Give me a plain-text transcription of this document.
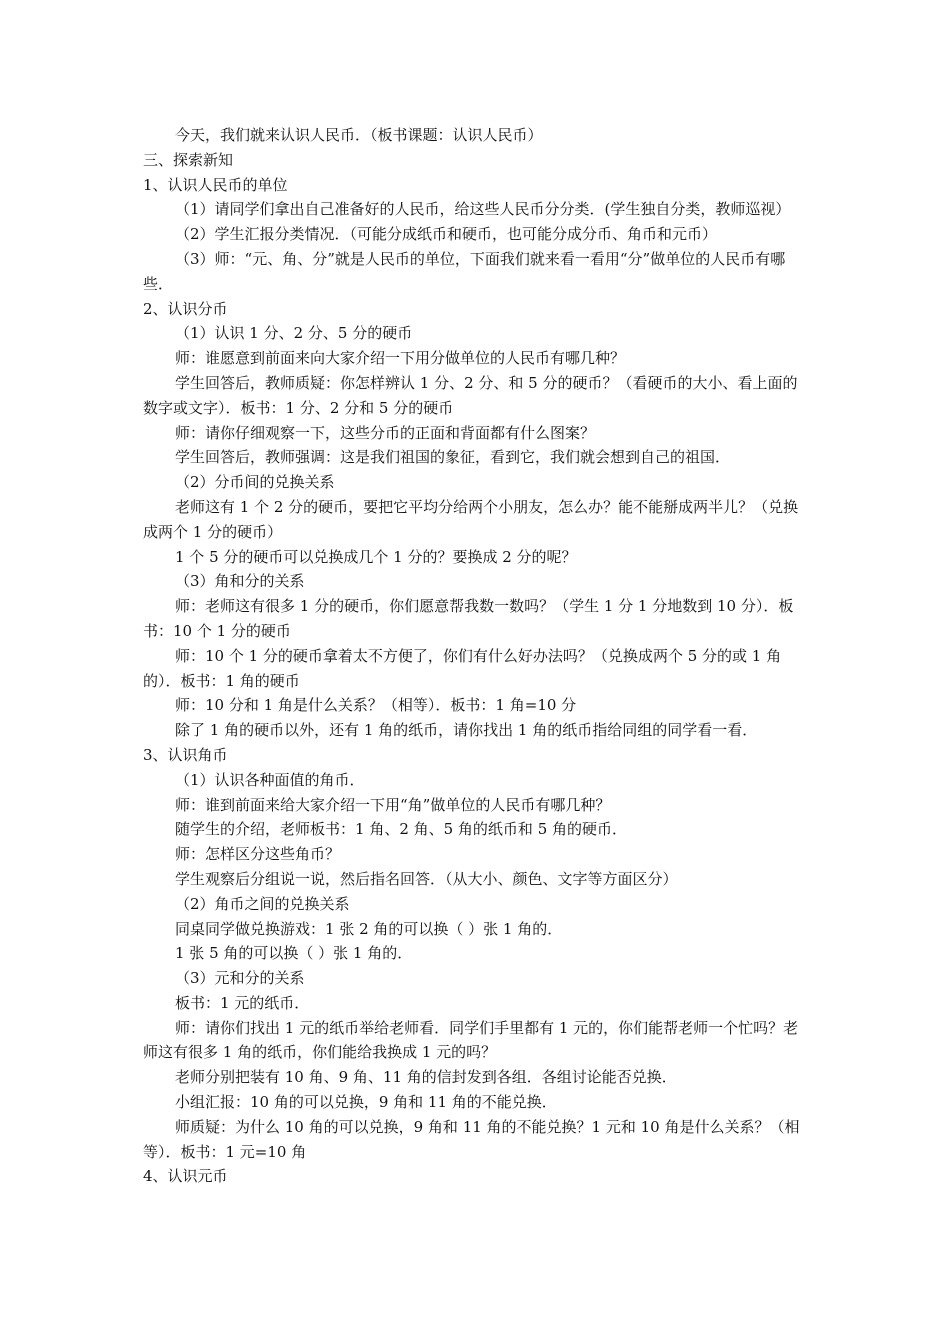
今天，我们就来认识人民币．（板书课题：认识人民币）

三、探索新知

1、认识人民币的单位

（1）请同学们拿出自己准备好的人民币，给这些人民币分分类．(学生独自分类，教师巡视）

（2）学生汇报分类情况．（可能分成纸币和硬币，也可能分成分币、角币和元币）

（3）师：“元、角、分”就是人民币的单位，下面我们就来看一看用“分”做单位的人民币有哪些．

2、认识分币

（1）认识 1 分、2 分、5 分的硬币

师：谁愿意到前面来向大家介绍一下用分做单位的人民币有哪几种？

学生回答后，教师质疑：你怎样辨认 1 分、2 分、和 5 分的硬币？（看硬币的大小、看上面的数字或文字）．板书：1 分、2 分和 5 分的硬币

师：请你仔细观察一下，这些分币的正面和背面都有什么图案？

学生回答后，教师强调：这是我们祖国的象征，看到它，我们就会想到自己的祖国．

（2）分币间的兑换关系

老师这有 1 个 2 分的硬币，要把它平均分给两个小朋友，怎么办？能不能掰成两半儿？（兑换成两个 1 分的硬币）

1 个 5 分的硬币可以兑换成几个 1 分的？要换成 2 分的呢？

（3）角和分的关系

师：老师这有很多 1 分的硬币，你们愿意帮我数一数吗？（学生 1 分 1 分地数到 10 分）．板书：10 个 1 分的硬币

师：10 个 1 分的硬币拿着太不方便了，你们有什么好办法吗？（兑换成两个 5 分的或 1 角的）．板书：1 角的硬币

师：10 分和 1 角是什么关系？（相等）．板书：1 角=10 分

除了 1 角的硬币以外，还有 1 角的纸币，请你找出 1 角的纸币指给同组的同学看一看．

3、认识角币

（1）认识各种面值的角币．

师：谁到前面来给大家介绍一下用“角”做单位的人民币有哪几种？

随学生的介绍，老师板书：1 角、2 角、5 角的纸币和 5 角的硬币．

师：怎样区分这些角币？

学生观察后分组说一说，然后指名回答．（从大小、颜色、文字等方面区分）

（2）角币之间的兑换关系

同桌同学做兑换游戏：1 张 2 角的可以换（ ）张 1 角的．

1 张 5 角的可以换（ ）张 1 角的．

（3）元和分的关系

板书：1 元的纸币．

师：请你们找出 1 元的纸币举给老师看．同学们手里都有 1 元的，你们能帮老师一个忙吗？老师这有很多 1 角的纸币，你们能给我换成 1 元的吗？

老师分别把装有 10 角、9 角、11 角的信封发到各组．各组讨论能否兑换．

小组汇报：10 角的可以兑换，9 角和 11 角的不能兑换．

师质疑：为什么 10 角的可以兑换，9 角和 11 角的不能兑换？1 元和 10 角是什么关系？（相等）．板书：1 元=10 角

4、认识元币
